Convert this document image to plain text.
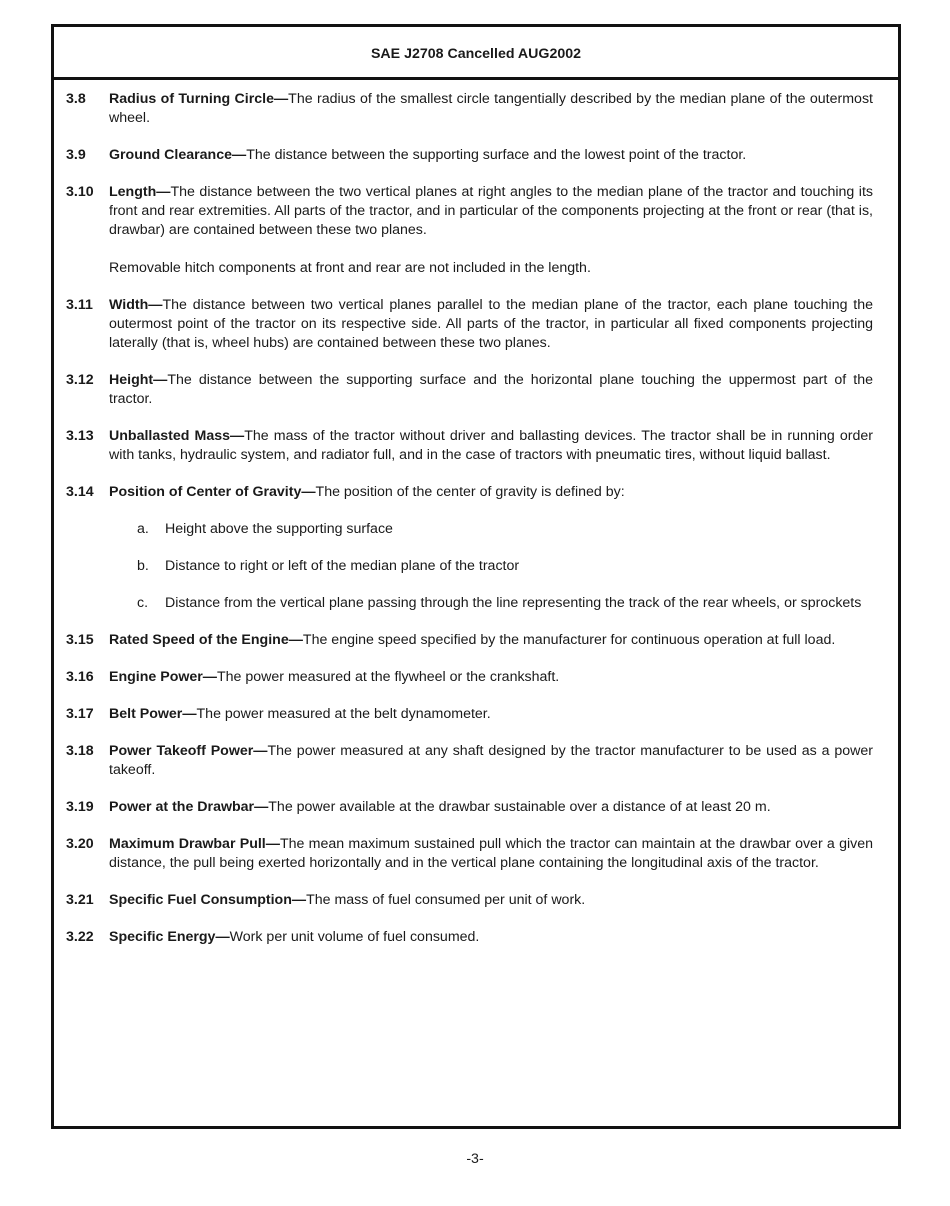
SAE J2708 Cancelled AUG2002
3.8	Radius of Turning Circle—The radius of the smallest circle tangentially described by the median plane of the outermost wheel.

3.9	Ground Clearance—The distance between the supporting surface and the lowest point of the tractor.

3.10	Length—The distance between the two vertical planes at right angles to the median plane of the tractor and touching its front and rear extremities. All parts of the tractor, and in particular of the components projecting at the front or rear (that is, drawbar) are contained between these two planes.

Removable hitch components at front and rear are not included in the length.

3.11	Width—The distance between two vertical planes parallel to the median plane of the tractor, each plane touching the outermost point of the tractor on its respective side. All parts of the tractor, in particular all fixed components projecting laterally (that is, wheel hubs) are contained between these two planes.

3.12	Height—The distance between the supporting surface and the horizontal plane touching the uppermost part of the tractor.

3.13	Unballasted Mass—The mass of the tractor without driver and ballasting devices. The tractor shall be in running order with tanks, hydraulic system, and radiator full, and in the case of tractors with pneumatic tires, without liquid ballast.

3.14	Position of Center of Gravity—The position of the center of gravity is defined by:

a.	Height above the supporting surface
b.	Distance to right or left of the median plane of the tractor
c.	Distance from the vertical plane passing through the line representing the track of the rear wheels, or sprockets
3.15	Rated Speed of the Engine—The engine speed specified by the manufacturer for continuous operation at full load.

3.16	Engine Power—The power measured at the flywheel or the crankshaft.

3.17	Belt Power—The power measured at the belt dynamometer.

3.18	Power Takeoff Power—The power measured at any shaft designed by the tractor manufacturer to be used as a power takeoff.

3.19	Power at the Drawbar—The power available at the drawbar sustainable over a distance of at least 20 m.

3.20	Maximum Drawbar Pull—The mean maximum sustained pull which the tractor can maintain at the drawbar over a given distance, the pull being exerted horizontally and in the vertical plane containing the longitudinal axis of the tractor.

3.21	Specific Fuel Consumption—The mass of fuel consumed per unit of work.

3.22	Specific Energy—Work per unit volume of fuel consumed.

-3-
